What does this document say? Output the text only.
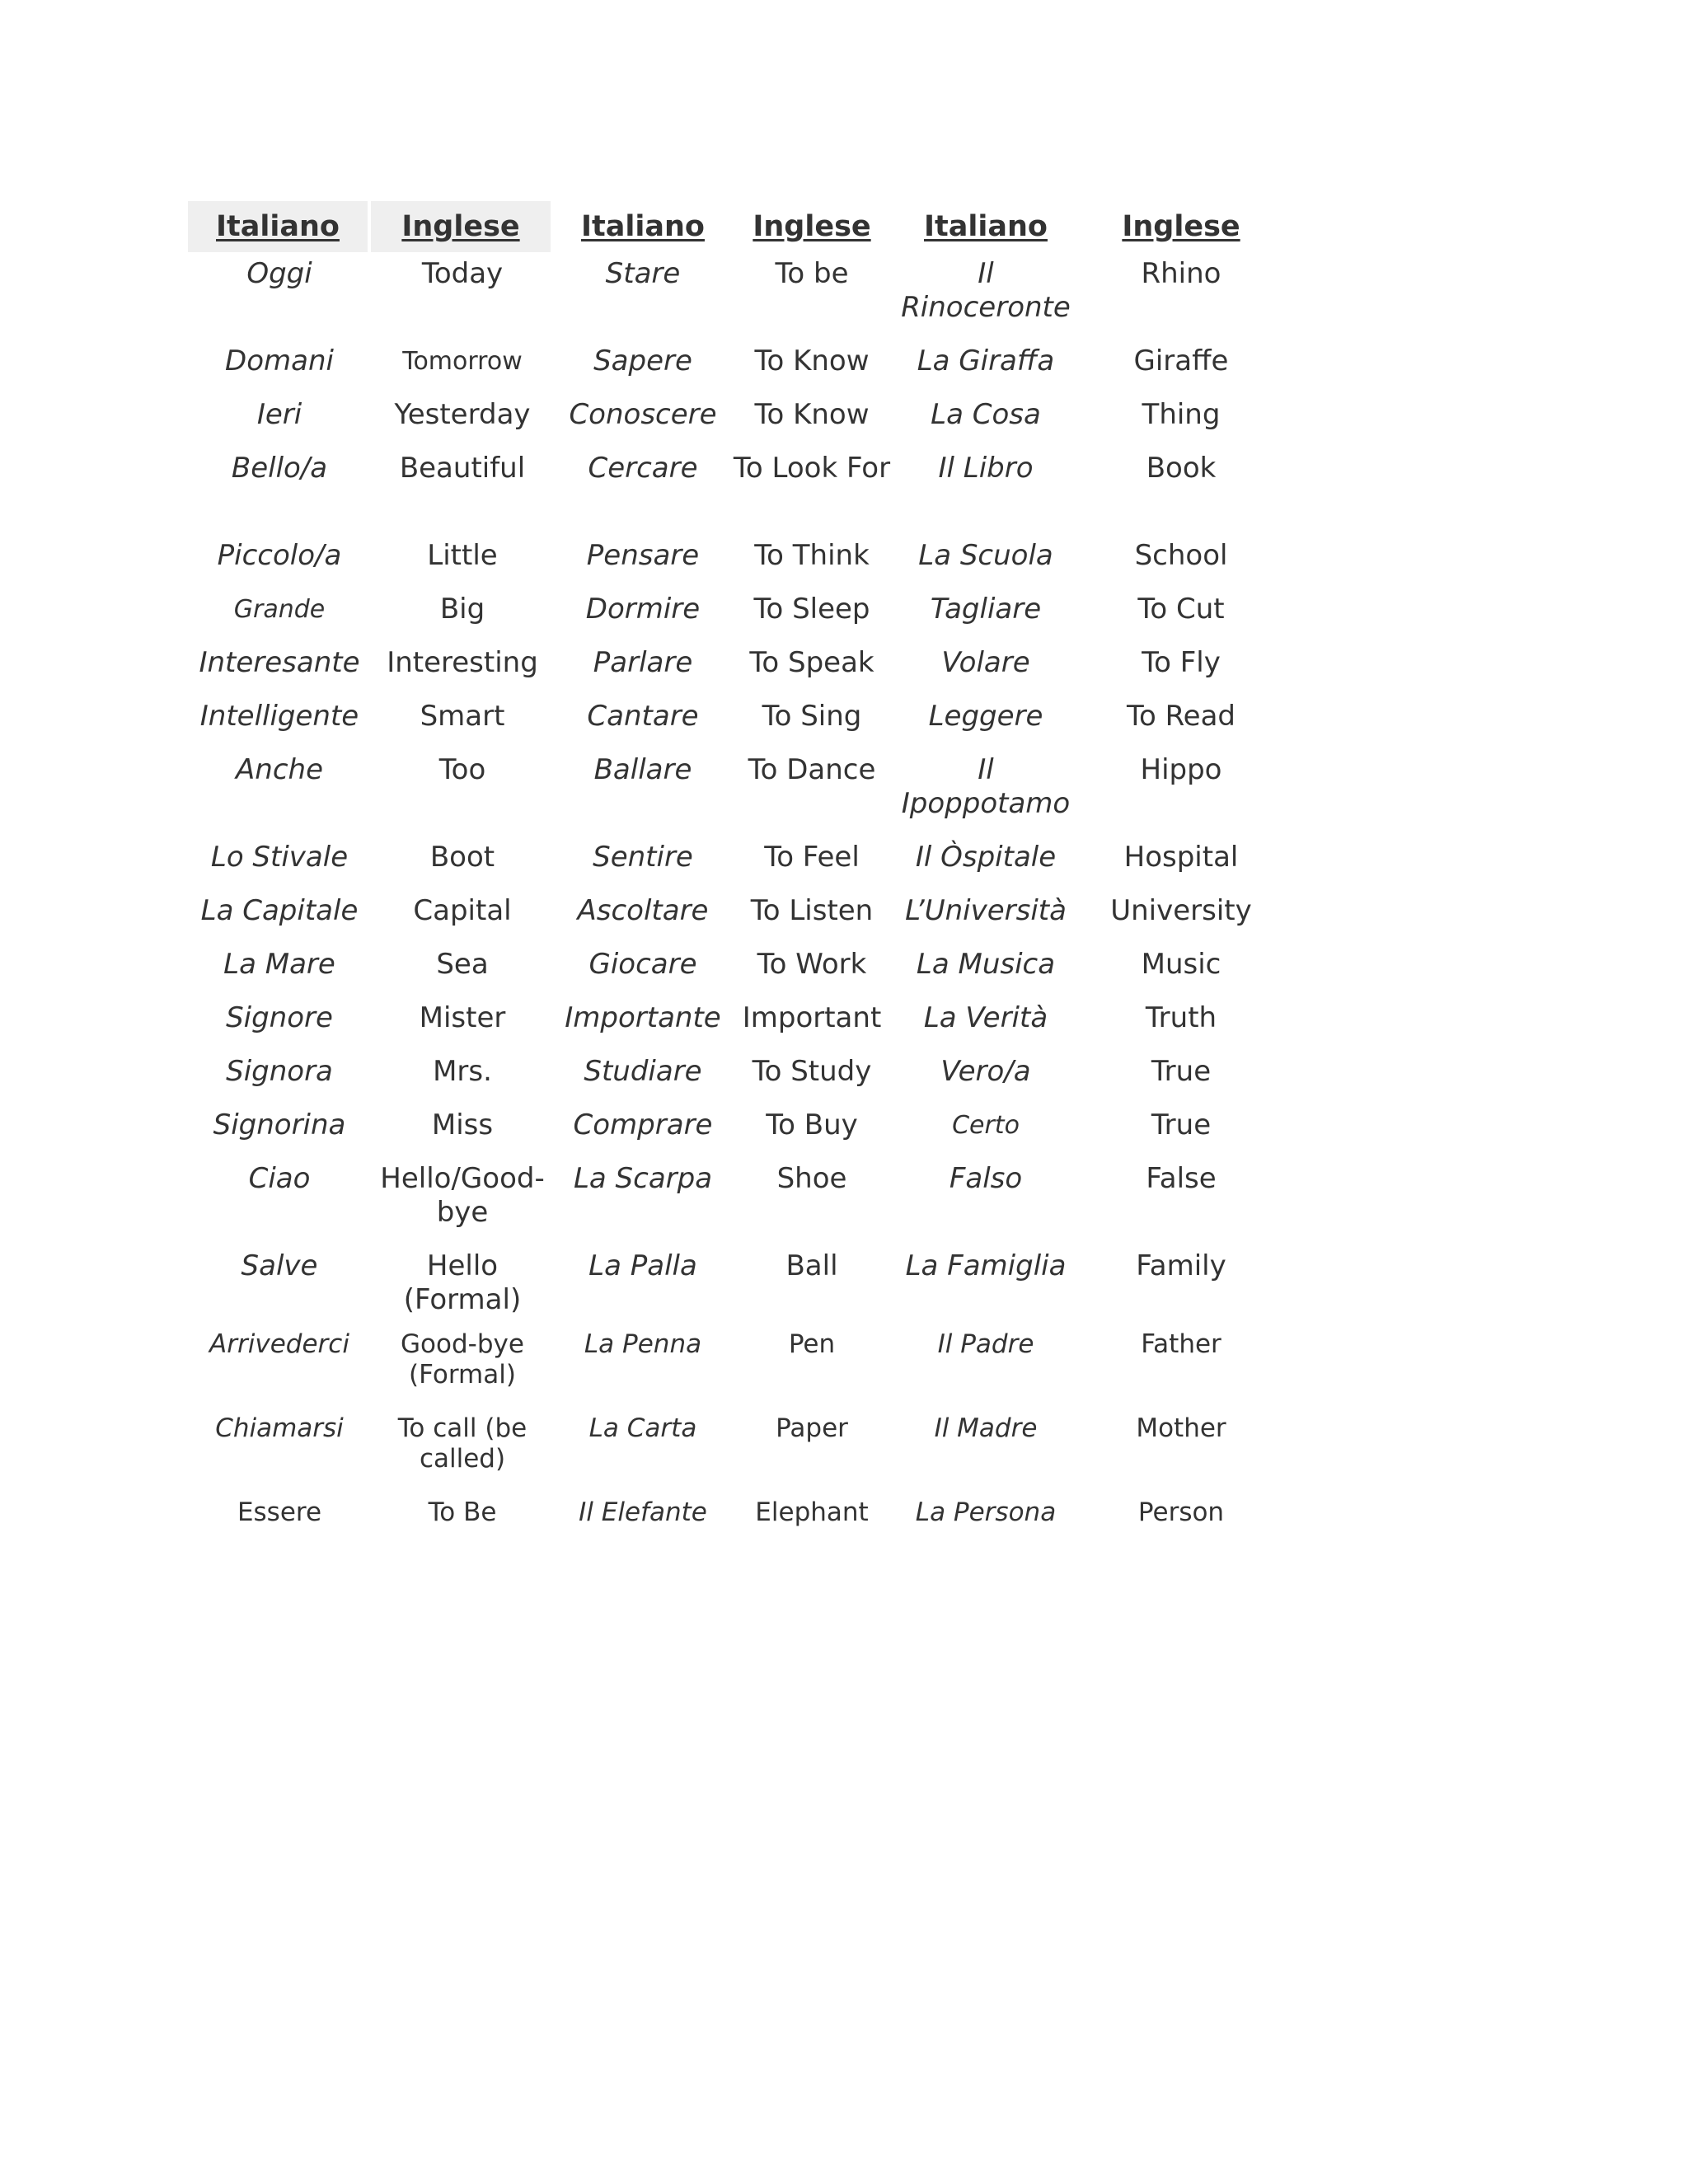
Italiano	Inglese	Italiano	Inglese	Italiano	Inglese
Oggi	Today	Stare	To be	Il Rinoceronte	Rhino
Domani	Tomorrow	Sapere	To Know	La Giraffa	Giraffe
Ieri	Yesterday	Conoscere	To Know	La Cosa	Thing
Bello/a	Beautiful	Cercare	To Look For	Il Libro	Book
Piccolo/a	Little	Pensare	To Think	La Scuola	School
Grande	Big	Dormire	To Sleep	Tagliare	To Cut
Interesante	Interesting	Parlare	To Speak	Volare	To Fly
Intelligente	Smart	Cantare	To Sing	Leggere	To Read
Anche	Too	Ballare	To Dance	Il Ipoppotamo	Hippo
Lo Stivale	Boot	Sentire	To Feel	Il Òspitale	Hospital
La Capitale	Capital	Ascoltare	To Listen	L’Università	University
La Mare	Sea	Giocare	To Work	La Musica	Music
Signore	Mister	Importante	Important	La Verità	Truth
Signora	Mrs.	Studiare	To Study	Vero/a	True
Signorina	Miss	Comprare	To Buy	Certo	True
Ciao	Hello/Good-bye	La Scarpa	Shoe	Falso	False
Salve	Hello (Formal)	La Palla	Ball	La Famiglia	Family
Arrivederci	Good-bye (Formal)	La Penna	Pen	Il Padre	Father
Chiamarsi	To call (be called)	La Carta	Paper	Il Madre	Mother
Essere	To Be	Il Elefante	Elephant	La Persona	Person
